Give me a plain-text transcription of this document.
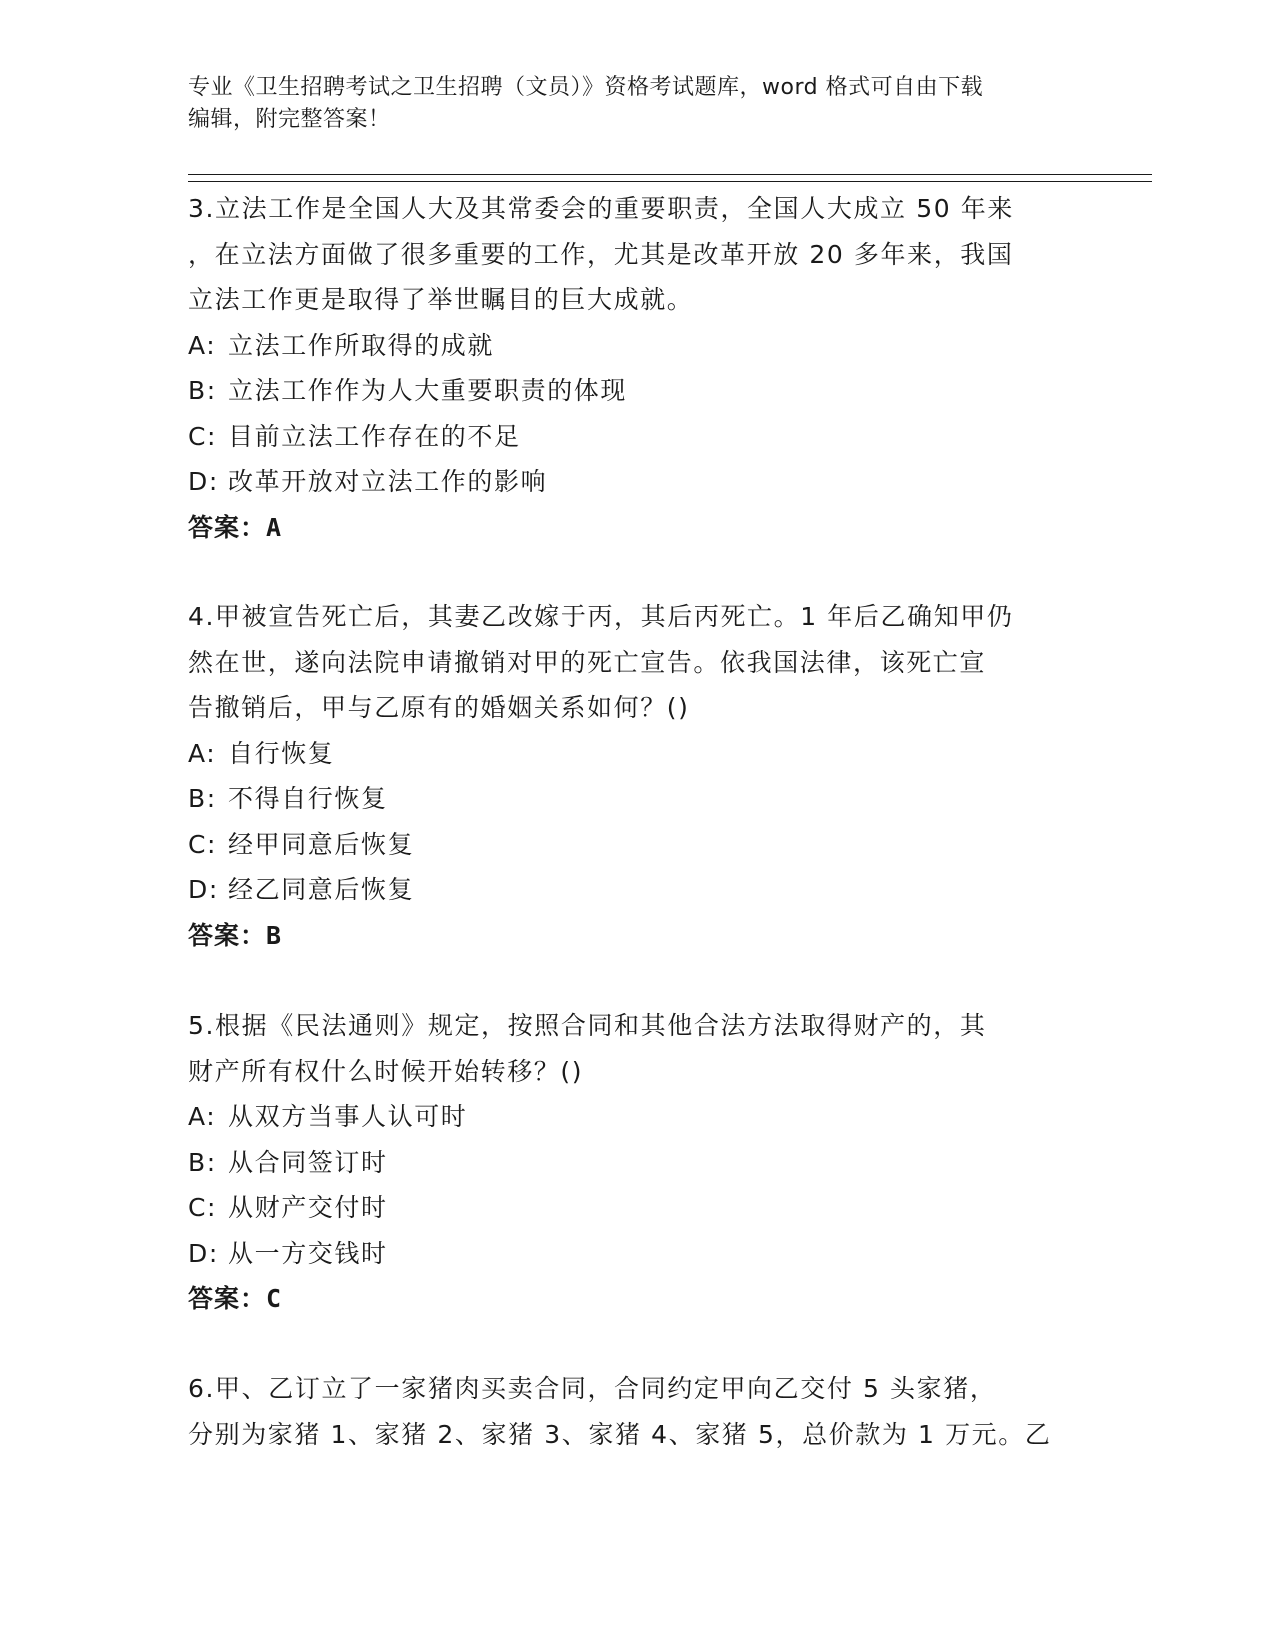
专业《卫生招聘考试之卫生招聘（文员）》资格考试题库，word 格式可自由下载
编辑，附完整答案！

3.立法工作是全国人大及其常委会的重要职责，全国人大成立 50 年来

，在立法方面做了很多重要的工作，尤其是改革开放 20 多年来，我国

立法工作更是取得了举世瞩目的巨大成就。

A: 立法工作所取得的成就

B: 立法工作作为人大重要职责的体现

C: 目前立法工作存在的不足

D: 改革开放对立法工作的影响

答案：A

4.甲被宣告死亡后，其妻乙改嫁于丙，其后丙死亡。1 年后乙确知甲仍

然在世，遂向法院申请撤销对甲的死亡宣告。依我国法律，该死亡宣

告撤销后，甲与乙原有的婚姻关系如何？()

A: 自行恢复

B: 不得自行恢复

C: 经甲同意后恢复

D: 经乙同意后恢复

答案：B

5.根据《民法通则》规定，按照合同和其他合法方法取得财产的，其

财产所有权什么时候开始转移？()

A: 从双方当事人认可时

B: 从合同签订时

C: 从财产交付时

D: 从一方交钱时

答案：C

6.甲、乙订立了一家猪肉买卖合同，合同约定甲向乙交付 5 头家猪，

分别为家猪 1、家猪 2、家猪 3、家猪 4、家猪 5，总价款为 1 万元。乙
